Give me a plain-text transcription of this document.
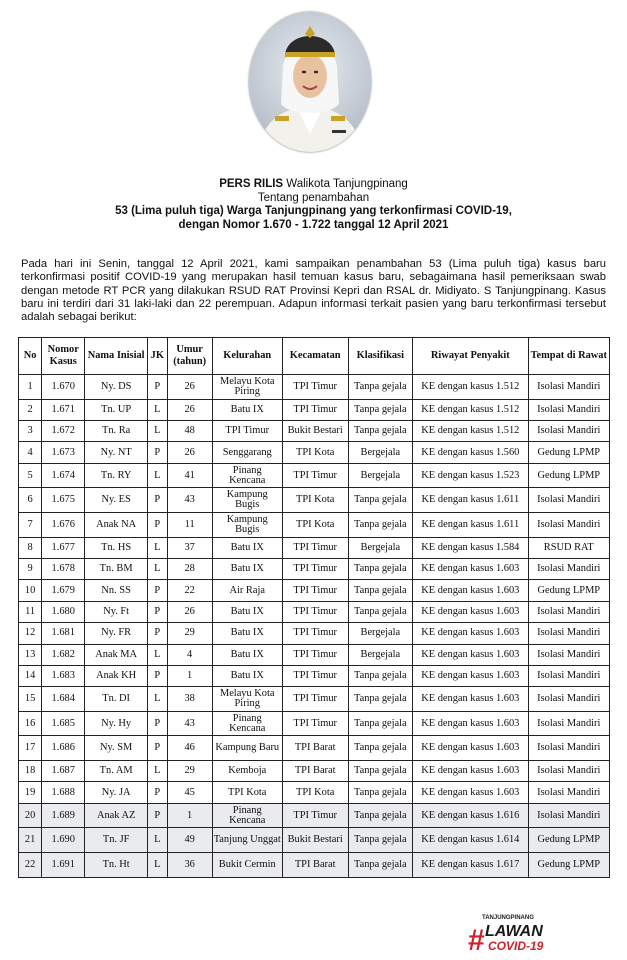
PERS RILIS Walikota Tanjungpinang
Tentang penambahan
53 (Lima puluh tiga) Warga Tanjungpinang yang terkonfirmasi COVID-19,
dengan Nomor 1.670 - 1.722 tanggal 12 April 2021
Pada hari ini Senin, tanggal 12 April 2021, kami sampaikan penambahan 53 (Lima puluh tiga) kasus baru terkonfirmasi positif COVID-19 yang merupakan hasil temuan kasus baru, sebagaimana hasil pemeriksaan swab dengan metode RT PCR yang dilakukan RSUD RAT Provinsi Kepri dan RSAL dr. Midiyato. S Tanjungpinang. Kasus baru ini terdiri dari 31 laki-laki dan 22 perempuan. Adapun informasi terkait pasien yang baru terkonfirmasi tersebut adalah sebagai berikut:
No	Nomor Kasus	Nama Inisial	JK	Umur (tahun)	Kelurahan	Kecamatan	Klasifikasi	Riwayat Penyakit	Tempat di Rawat
1	1.670	Ny. DS	P	26	Melayu Kota Piring	TPI Timur	Tanpa gejala	KE dengan kasus 1.512	Isolasi Mandiri
2	1.671	Tn. UP	L	26	Batu IX	TPI Timur	Tanpa gejala	KE dengan kasus 1.512	Isolasi Mandiri
3	1.672	Tn. Ra	L	48	TPI Timur	Bukit Bestari	Tanpa gejala	KE dengan kasus 1.512	Isolasi Mandiri
4	1.673	Ny. NT	P	26	Senggarang	TPI Kota	Bergejala	KE dengan kasus 1.560	Gedung LPMP
5	1.674	Tn. RY	L	41	Pinang Kencana	TPI Timur	Bergejala	KE dengan kasus 1.523	Gedung LPMP
6	1.675	Ny. ES	P	43	Kampung Bugis	TPI Kota	Tanpa gejala	KE dengan kasus 1.611	Isolasi Mandiri
7	1.676	Anak NA	P	11	Kampung Bugis	TPI Kota	Tanpa gejala	KE dengan kasus 1.611	Isolasi Mandiri
8	1.677	Tn. HS	L	37	Batu IX	TPI Timur	Bergejala	KE dengan kasus 1.584	RSUD RAT
9	1.678	Tn. BM	L	28	Batu IX	TPI Timur	Tanpa gejala	KE dengan kasus 1.603	Isolasi Mandiri
10	1.679	Nn. SS	P	22	Air Raja	TPI Timur	Tanpa gejala	KE dengan kasus 1.603	Gedung LPMP
11	1.680	Ny. Ft	P	26	Batu IX	TPI Timur	Tanpa gejala	KE dengan kasus 1.603	Isolasi Mandiri
12	1.681	Ny. FR	P	29	Batu IX	TPI Timur	Bergejala	KE dengan kasus 1.603	Isolasi Mandiri
13	1.682	Anak MA	L	4	Batu IX	TPI Timur	Bergejala	KE dengan kasus 1.603	Isolasi Mandiri
14	1.683	Anak KH	P	1	Batu IX	TPI Timur	Tanpa gejala	KE dengan kasus 1.603	Isolasi Mandiri
15	1.684	Tn. DI	L	38	Melayu Kota Piring	TPI Timur	Tanpa gejala	KE dengan kasus 1.603	Isolasi Mandiri
16	1.685	Ny. Hy	P	43	Pinang Kencana	TPI Timur	Tanpa gejala	KE dengan kasus 1.603	Isolasi Mandiri
17	1.686	Ny. SM	P	46	Kampung Baru	TPI Barat	Tanpa gejala	KE dengan kasus 1.603	Isolasi Mandiri
18	1.687	Tn. AM	L	29	Kemboja	TPI Barat	Tanpa gejala	KE dengan kasus 1.603	Isolasi Mandiri
19	1.688	Ny. JA	P	45	TPI Kota	TPI Kota	Tanpa gejala	KE dengan kasus 1.603	Isolasi Mandiri
20	1.689	Anak AZ	P	1	Pinang Kencana	TPI Timur	Tanpa gejala	KE dengan kasus 1.616	Isolasi Mandiri
21	1.690	Tn. JF	L	49	Tanjung Unggat	Bukit Bestari	Tanpa gejala	KE dengan kasus 1.614	Gedung LPMP
22	1.691	Tn. Ht	L	36	Bukit Cermin	TPI Barat	Tanpa gejala	KE dengan kasus 1.617	Gedung LPMP
TANJUNGPINANG
# LAWAN
COVID-19
